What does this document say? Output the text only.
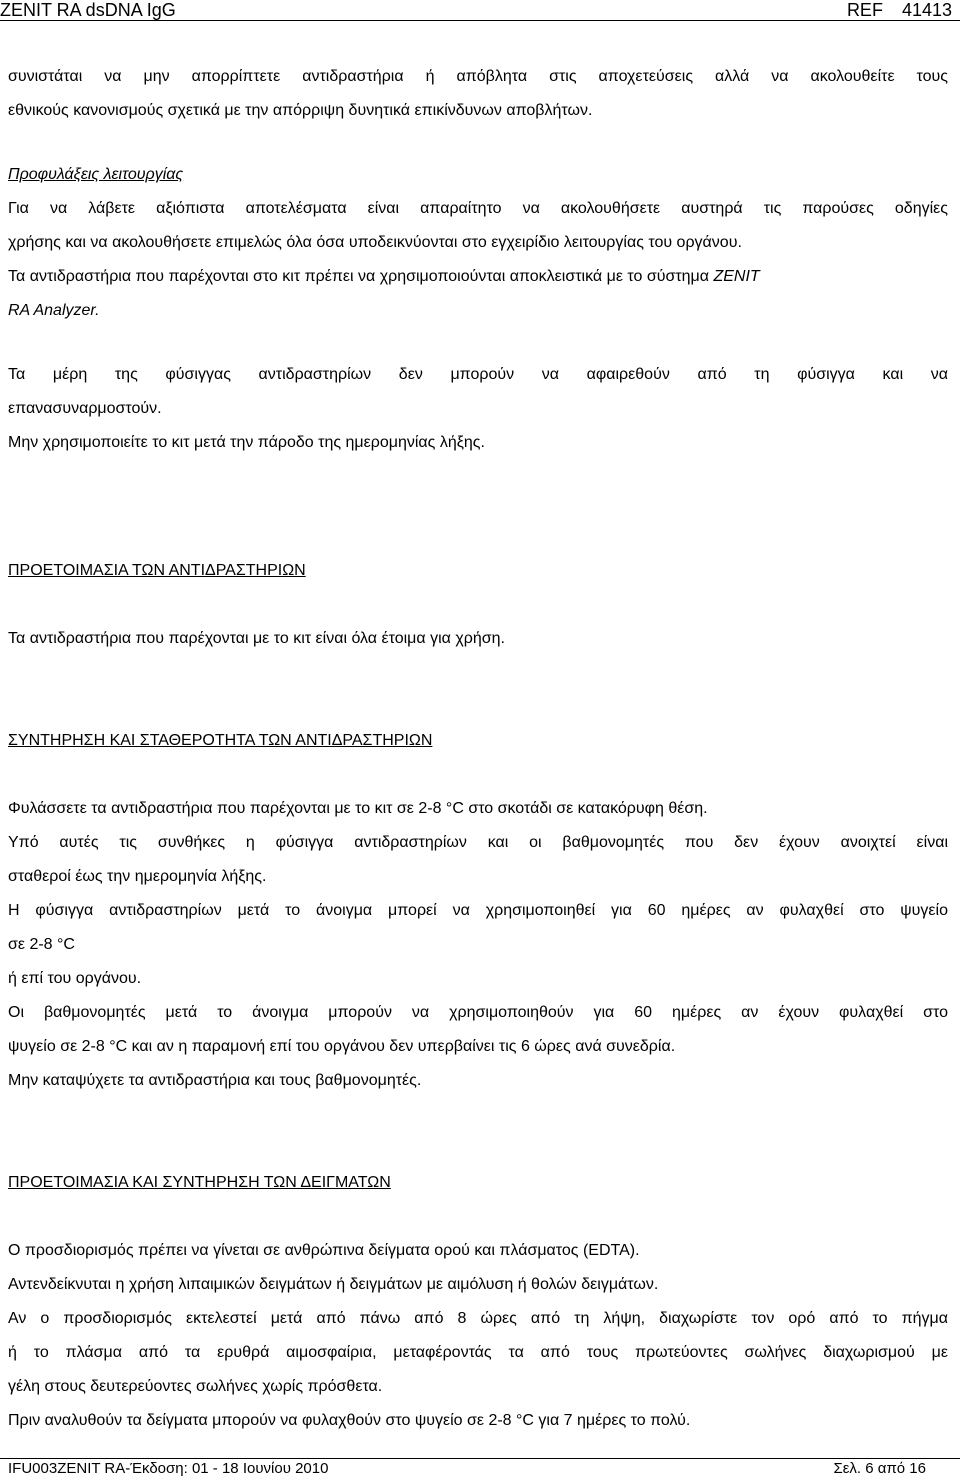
ZENIT RA dsDNA IgG	REF 41413
συνιστάται να μην απορρίπτετε αντιδραστήρια ή απόβλητα στις αποχετεύσεις αλλά να ακολουθείτε τους
εθνικούς κανονισμούς σχετικά με την απόρριψη δυνητικά επικίνδυνων αποβλήτων.
Προφυλάξεις λειτουργίας
Για να λάβετε αξιόπιστα αποτελέσματα είναι απαραίτητο να ακολουθήσετε αυστηρά τις παρούσες οδηγίες
χρήσης και να ακολουθήσετε επιμελώς όλα όσα υποδεικνύονται στο εγχειρίδιο λειτουργίας του οργάνου.
Τα αντιδραστήρια που παρέχονται στο κιτ πρέπει να χρησιμοποιούνται αποκλειστικά με το σύστημα ZENIT
RA Analyzer.
Τα μέρη της φύσιγγας αντιδραστηρίων δεν μπορούν να αφαιρεθούν από τη φύσιγγα και να
επανασυναρμοστούν.
Μην χρησιμοποιείτε το κιτ μετά την πάροδο της ημερομηνίας λήξης.
ΠΡΟΕΤΟΙΜΑΣΙΑ ΤΩΝ ΑΝΤΙΔΡΑΣΤΗΡΙΩΝ
Τα αντιδραστήρια που παρέχονται με το κιτ είναι όλα έτοιμα για χρήση.
ΣΥΝΤΗΡΗΣΗ ΚΑΙ ΣΤΑΘΕΡΟΤΗΤΑ ΤΩΝ ΑΝΤΙΔΡΑΣΤΗΡΙΩΝ
Φυλάσσετε τα αντιδραστήρια που παρέχονται με το κιτ σε 2-8 °C στο σκοτάδι σε κατακόρυφη θέση.
Υπό αυτές τις συνθήκες η φύσιγγα αντιδραστηρίων και οι βαθμονομητές που δεν έχουν ανοιχτεί είναι
σταθεροί έως την ημερομηνία λήξης.
Η φύσιγγα αντιδραστηρίων μετά το άνοιγμα μπορεί να χρησιμοποιηθεί για 60 ημέρες αν φυλαχθεί στο ψυγείο
σε 2-8 °C
ή επί του οργάνου.
Οι βαθμονομητές μετά το άνοιγμα μπορούν να χρησιμοποιηθούν για 60 ημέρες αν έχουν φυλαχθεί στο
ψυγείο σε 2-8 °C και αν η παραμονή επί του οργάνου δεν υπερβαίνει τις 6 ώρες ανά συνεδρία.
Μην καταψύχετε τα αντιδραστήρια και τους βαθμονομητές.
ΠΡΟΕΤΟΙΜΑΣΙΑ ΚΑΙ ΣΥΝΤΗΡΗΣΗ ΤΩΝ ΔΕΙΓΜΑΤΩΝ
Ο προσδιορισμός πρέπει να γίνεται σε ανθρώπινα δείγματα ορού και πλάσματος (EDTA).
Αντενδείκνυται η χρήση λιπαιμικών δειγμάτων ή δειγμάτων με αιμόλυση ή θολών δειγμάτων.
Αν ο προσδιορισμός εκτελεστεί μετά από πάνω από 8 ώρες από τη λήψη, διαχωρίστε τον ορό από το πήγμα
ή το πλάσμα από τα ερυθρά αιμοσφαίρια, μεταφέροντάς τα από τους πρωτεύοντες σωλήνες διαχωρισμού με
γέλη στους δευτερεύοντες σωλήνες χωρίς πρόσθετα.
Πριν αναλυθούν τα δείγματα μπορούν να φυλαχθούν στο ψυγείο σε 2-8 °C για 7 ημέρες το πολύ.
IFU003ZENIT RA-Έκδοση: 01 - 18 Ιουνίου 2010	Σελ. 6 από 16
